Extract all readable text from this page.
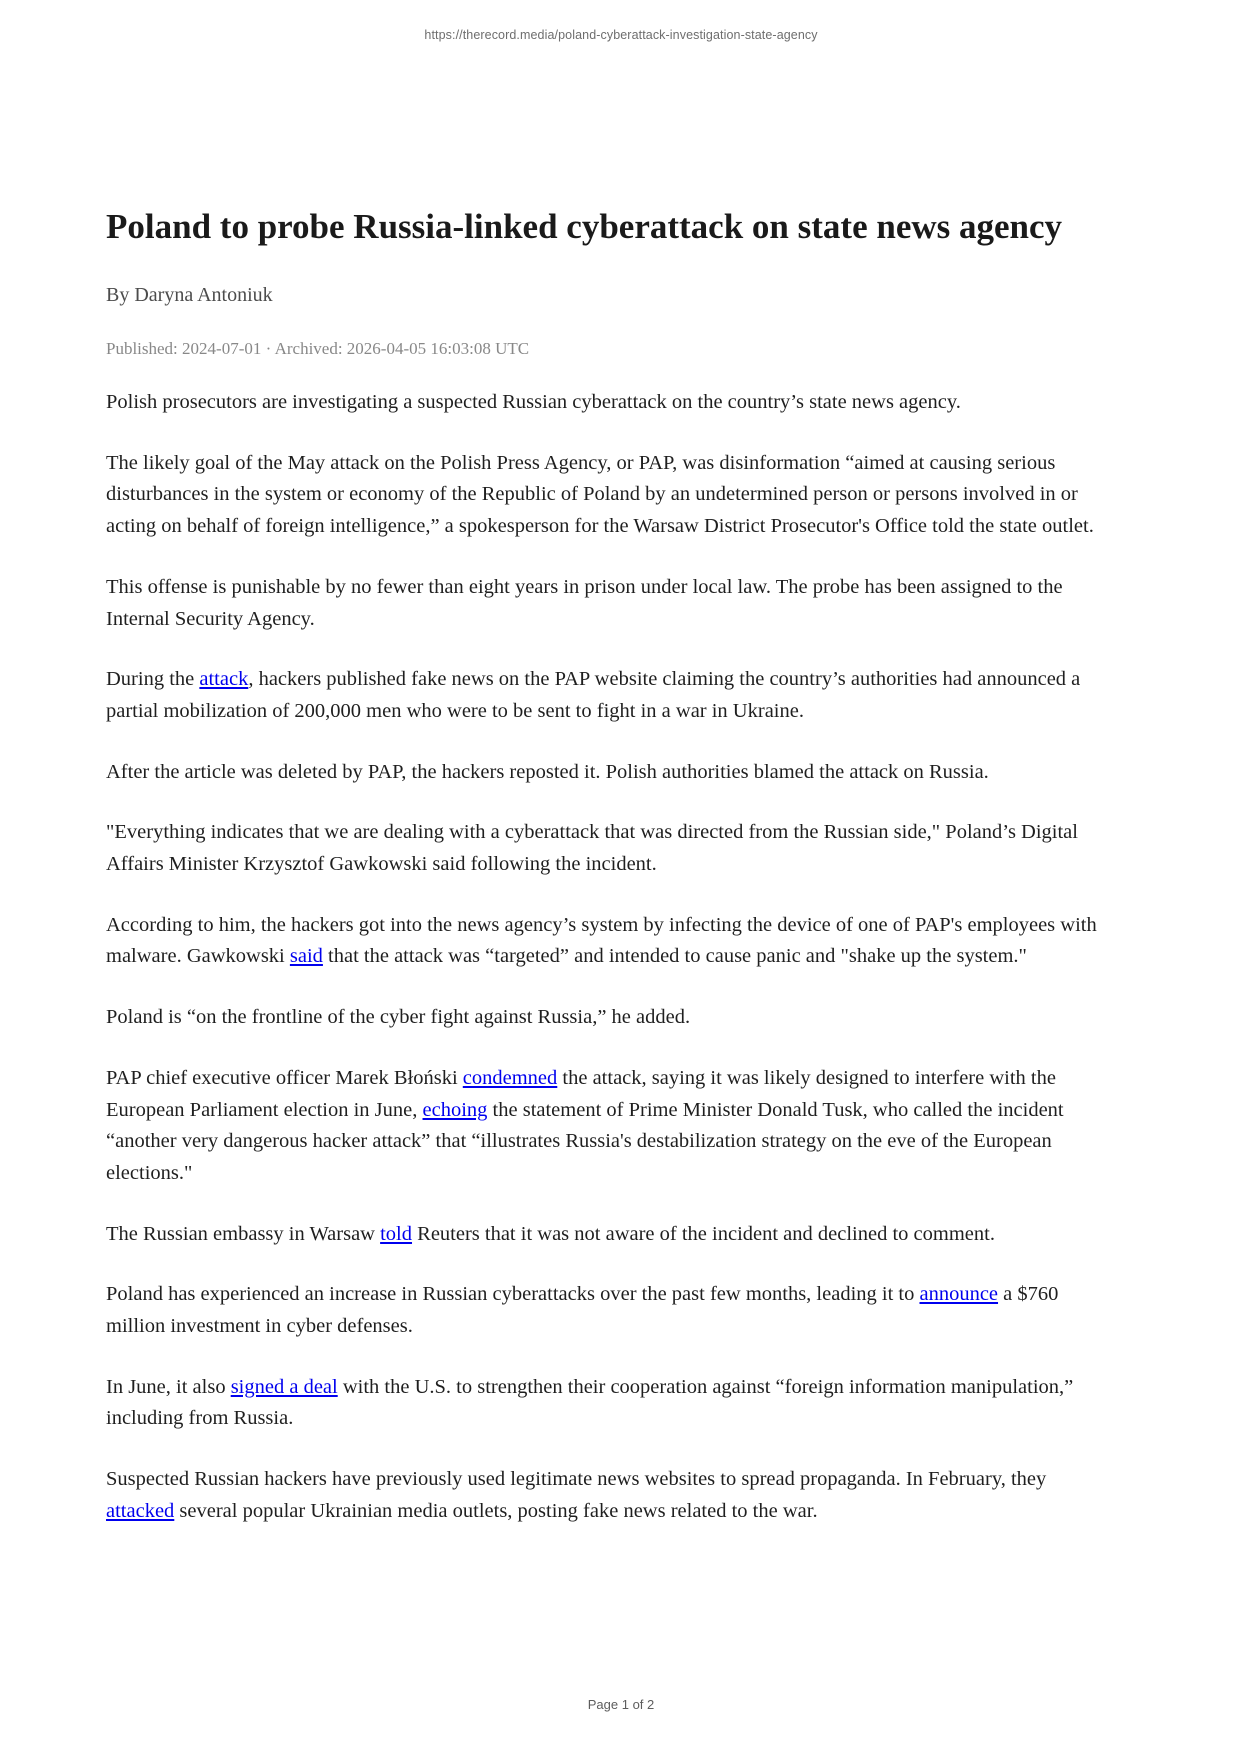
https://therecord.media/poland-cyberattack-investigation-state-agency
Poland to probe Russia-linked cyberattack on state news agency
By Daryna Antoniuk
Published: 2024-07-01 · Archived: 2026-04-05 16:03:08 UTC

Polish prosecutors are investigating a suspected Russian cyberattack on the country’s state news agency.

The likely goal of the May attack on the Polish Press Agency, or PAP, was disinformation “aimed at causing serious disturbances in the system or economy of the Republic of Poland by an undetermined person or persons involved in or acting on behalf of foreign intelligence,” a spokesperson for the Warsaw District Prosecutor's Office told the state outlet.

This offense is punishable by no fewer than eight years in prison under local law. The probe has been assigned to the Internal Security Agency.

During the attack, hackers published fake news on the PAP website claiming the country’s authorities had announced a partial mobilization of 200,000 men who were to be sent to fight in a war in Ukraine.

After the article was deleted by PAP, the hackers reposted it. Polish authorities blamed the attack on Russia.

"Everything indicates that we are dealing with a cyberattack that was directed from the Russian side," Poland’s Digital Affairs Minister Krzysztof Gawkowski said following the incident.

According to him, the hackers got into the news agency’s system by infecting the device of one of PAP's employees with malware. Gawkowski said that the attack was “targeted” and intended to cause panic and "shake up the system."

Poland is “on the frontline of the cyber fight against Russia,” he added.

PAP chief executive officer Marek Błoński condemned the attack, saying it was likely designed to interfere with the European Parliament election in June, echoing the statement of Prime Minister Donald Tusk, who called the incident “another very dangerous hacker attack” that “illustrates Russia's destabilization strategy on the eve of the European elections."

The Russian embassy in Warsaw told Reuters that it was not aware of the incident and declined to comment.

Poland has experienced an increase in Russian cyberattacks over the past few months, leading it to announce a $760 million investment in cyber defenses.

In June, it also signed a deal with the U.S. to strengthen their cooperation against “foreign information manipulation,” including from Russia.

Suspected Russian hackers have previously used legitimate news websites to spread propaganda. In February, they attacked several popular Ukrainian media outlets, posting fake news related to the war.

Page 1 of 2
